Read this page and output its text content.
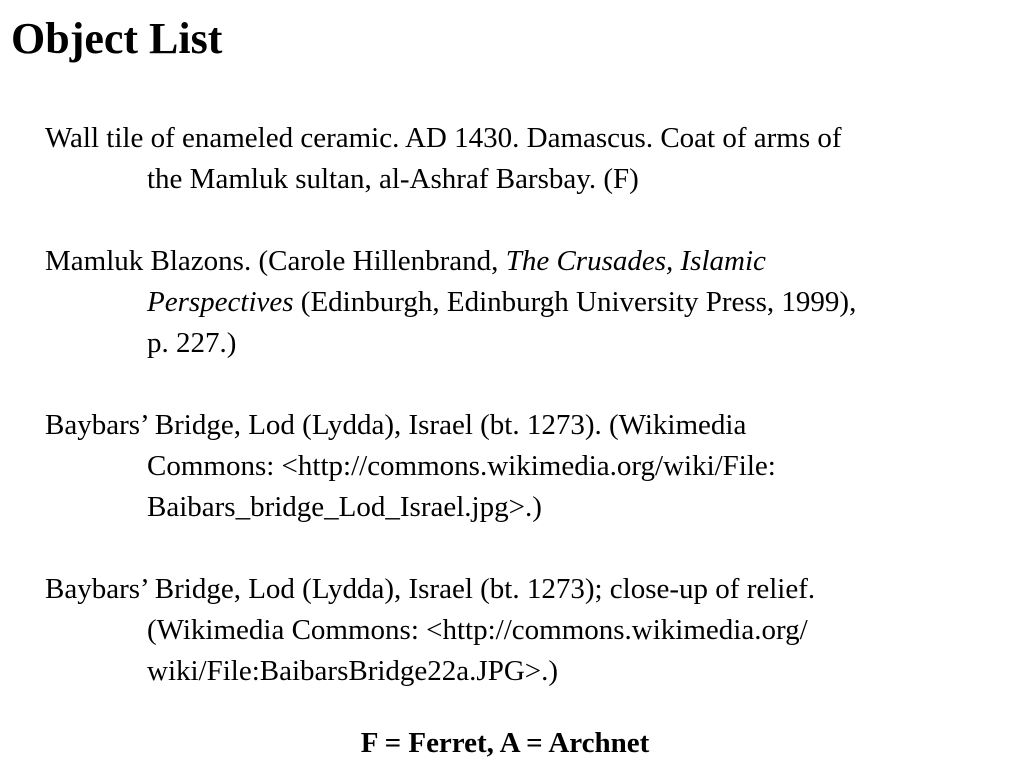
Object List

Wall tile of enameled ceramic. AD 1430. Damascus. Coat of arms of
the Mamluk sultan, al-Ashraf Barsbay. (F)

Mamluk Blazons. (Carole Hillenbrand, The Crusades, Islamic
Perspectives (Edinburgh, Edinburgh University Press, 1999),
p. 227.)

Baybars’ Bridge, Lod (Lydda), Israel (bt. 1273). (Wikimedia
Commons: <http://commons.wikimedia.org/wiki/File:
Baibars_bridge_Lod_Israel.jpg>.)

Baybars’ Bridge, Lod (Lydda), Israel (bt. 1273); close-up of relief.
(Wikimedia Commons: <http://commons.wikimedia.org/
wiki/File:BaibarsBridge22a.JPG>.)

F = Ferret, A = Archnet
